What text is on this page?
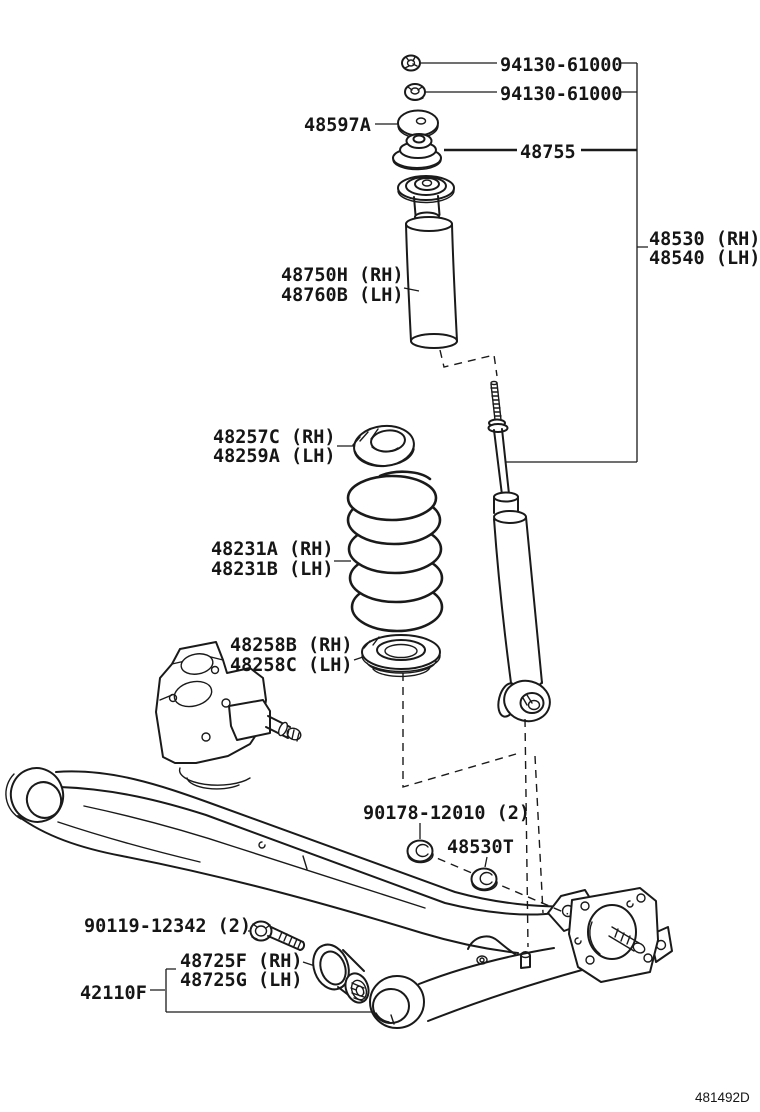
94130-61000
94130-61000
48597A
48755
48530 (RH)
48540 (LH)
48750H (RH)
48760B (LH)
48257C (RH)
48259A (LH)
48231A (RH)
48231B (LH)
48258B (RH)
48258C (LH)
90178-12010 (2)
48530T
90119-12342 (2)
48725F (RH)
48725G (LH)
42110F
481492D
